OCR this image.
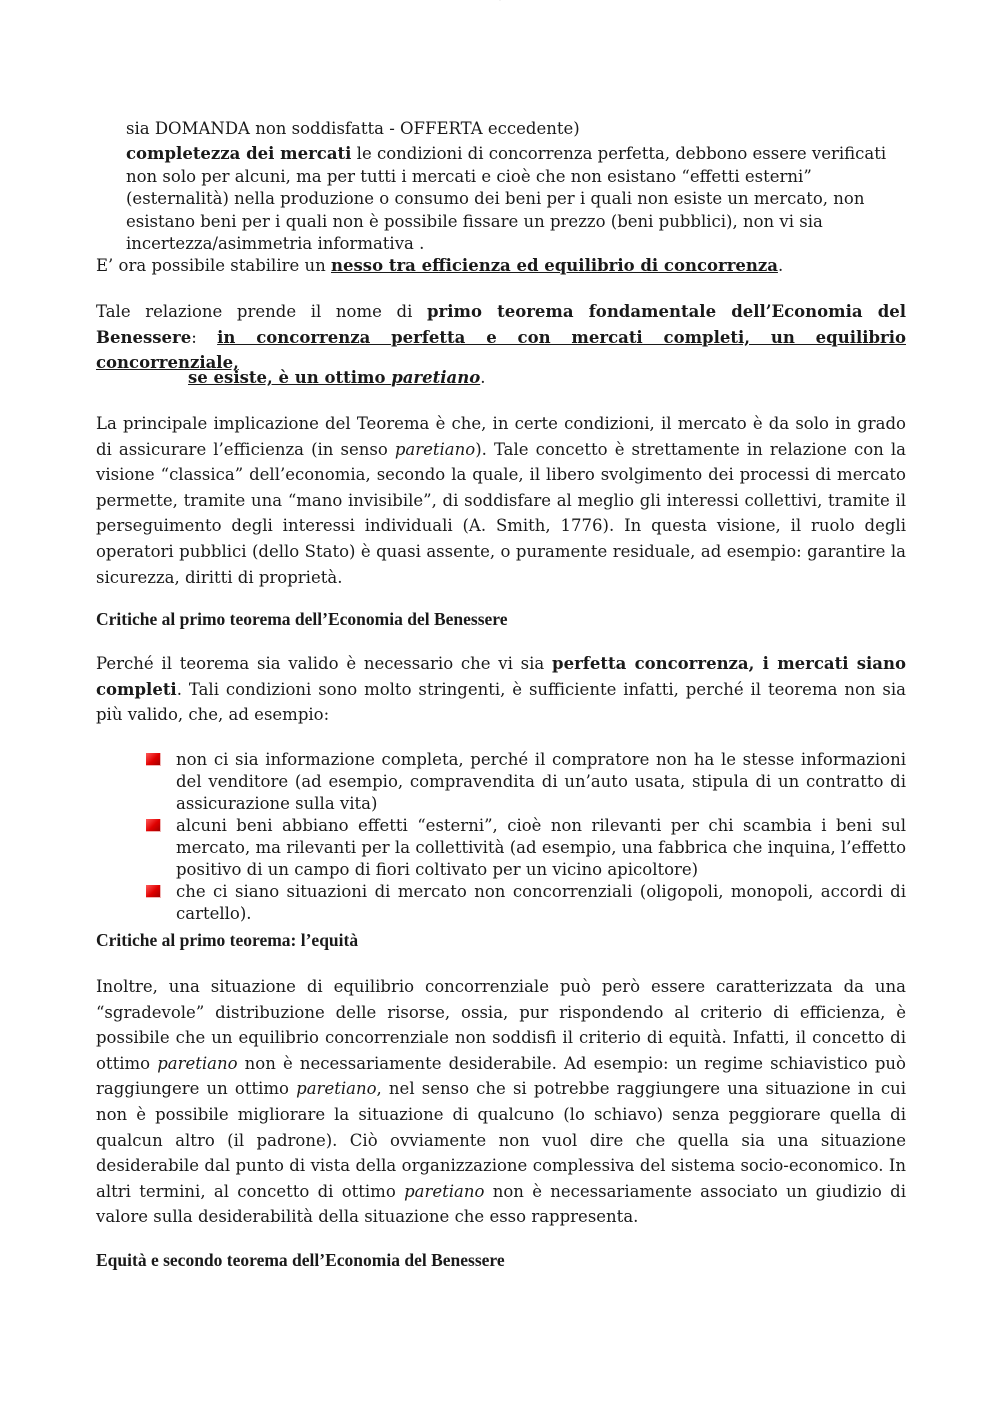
—
sia DOMANDA non soddisfatta - OFFERTA eccedente)
completezza dei mercati le condizioni di concorrenza perfetta, debbono essere verificati non solo per alcuni, ma per tutti i mercati e cioè che non esistano “effetti esterni” (esternalità) nella produzione o consumo dei beni per i quali non esiste un mercato, non esistano beni per i quali non è possibile fissare un prezzo (beni pubblici), non vi sia incertezza/asimmetria informativa .
E’ ora possibile stabilire un nesso tra efficienza ed equilibrio di concorrenza.
Tale relazione prende il nome di primo teorema fondamentale dell’Economia del Benessere: in concorrenza perfetta e con mercati completi, un equilibrio concorrenziale,
se esiste, è un ottimo paretiano.
La principale implicazione del Teorema è che, in certe condizioni, il mercato è da solo in grado di assicurare l’efficienza (in senso paretiano). Tale concetto è strettamente in relazione con la visione “classica” dell’economia, secondo la quale, il libero svolgimento dei processi di mercato permette, tramite una “mano invisibile”, di soddisfare al meglio gli interessi collettivi, tramite il perseguimento degli interessi individuali (A. Smith, 1776). In questa visione, il ruolo degli operatori pubblici (dello Stato) è quasi assente, o puramente residuale, ad esempio: garantire la sicurezza, diritti di proprietà.
Critiche al primo teorema dell’Economia del Benessere
Perché il teorema sia valido è necessario che vi sia perfetta concorrenza, i mercati siano completi. Tali condizioni sono molto stringenti, è sufficiente infatti, perché il teorema non sia più valido, che, ad esempio:
non ci sia informazione completa, perché il compratore non ha le stesse informazioni del venditore (ad esempio, compravendita di un’auto usata, stipula di un contratto di assicurazione sulla vita)
alcuni beni abbiano effetti “esterni”, cioè non rilevanti per chi scambia i beni sul mercato, ma rilevanti per la collettività (ad esempio, una fabbrica che inquina, l’effetto positivo di un campo di fiori coltivato per un vicino apicoltore)
che ci siano situazioni di mercato non concorrenziali (oligopoli, monopoli, accordi di cartello).
Critiche al primo teorema: l’equità
Inoltre, una situazione di equilibrio concorrenziale può però essere caratterizzata da una “sgradevole” distribuzione delle risorse, ossia, pur rispondendo al criterio di efficienza, è possibile che un equilibrio concorrenziale non soddisfi il criterio di equità. Infatti, il concetto di ottimo paretiano non è necessariamente desiderabile. Ad esempio: un regime schiavistico può raggiungere un ottimo paretiano, nel senso che si potrebbe raggiungere una situazione in cui non è possibile migliorare la situazione di qualcuno (lo schiavo) senza peggiorare quella di qualcun altro (il padrone). Ciò ovviamente non vuol dire che quella sia una situazione desiderabile dal punto di vista della organizzazione complessiva del sistema socio-economico. In altri termini, al concetto di ottimo paretiano non è necessariamente associato un giudizio di valore sulla desiderabilità della situazione che esso rappresenta.
Equità e secondo teorema dell’Economia del Benessere
